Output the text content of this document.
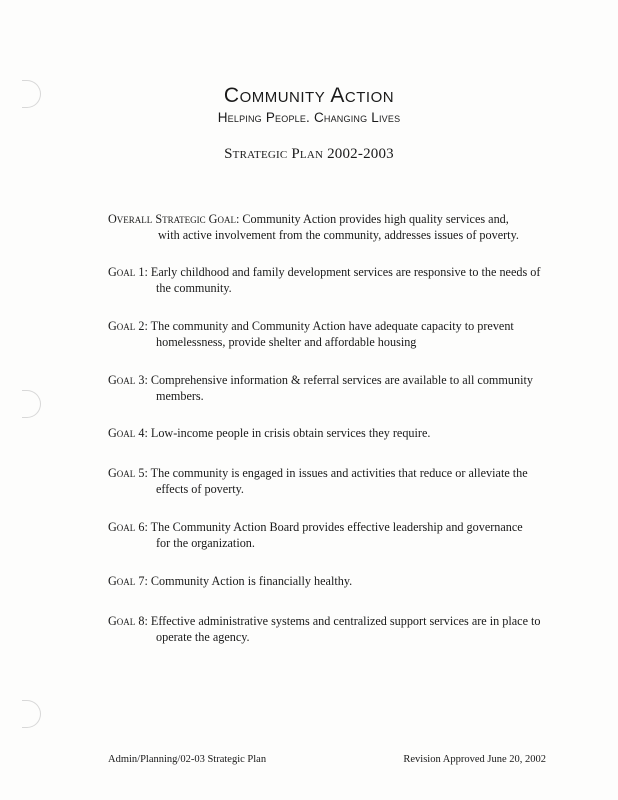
Community Action
Helping People. Changing Lives
Strategic Plan 2002-2003
Overall Strategic Goal: Community Action provides high quality services and,
with active involvement from the community, addresses issues of poverty.
Goal 1: Early childhood and family development services are responsive to the needs of
the community.
Goal 2: The community and Community Action have adequate capacity to prevent
homelessness, provide shelter and affordable housing
Goal 3: Comprehensive information & referral services are available to all community
members.
Goal 4: Low-income people in crisis obtain services they require.
Goal 5: The community is engaged in issues and activities that reduce or alleviate the
effects of poverty.
Goal 6: The Community Action Board provides effective leadership and governance
for the organization.
Goal 7: Community Action is financially healthy.
Goal 8: Effective administrative systems and centralized support services are in place to
operate the agency.
Admin/Planning/02-03 Strategic Plan	Revision Approved June 20, 2002
